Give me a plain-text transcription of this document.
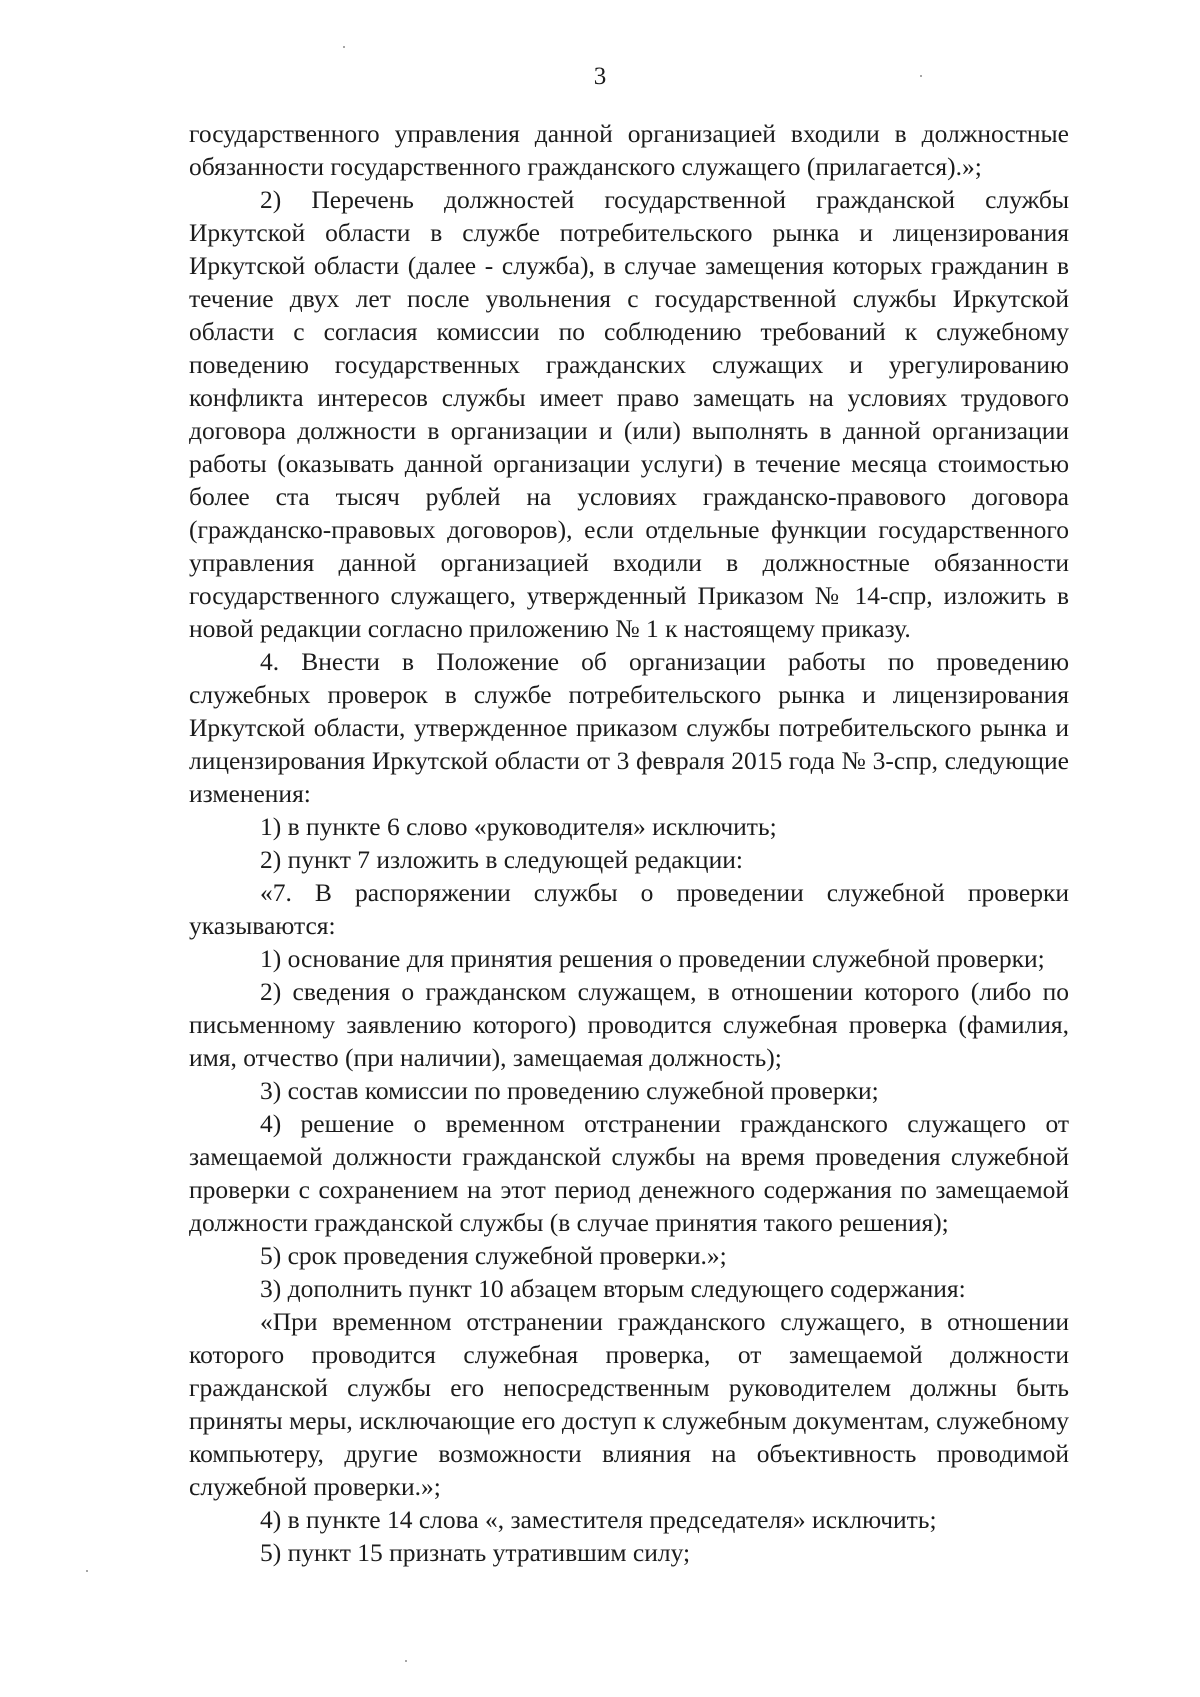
3

государственного управления данной организацией входили в должностные обязанности государственного гражданского служащего (прилагается).»;

2) Перечень должностей государственной гражданской службы Иркутской области в службе потребительского рынка и лицензирования Иркутской области (далее - служба), в случае замещения которых гражданин в течение двух лет после увольнения с государственной службы Иркутской области с согласия комиссии по соблюдению требований к служебному поведению государственных гражданских служащих и урегулированию конфликта интересов службы имеет право замещать на условиях трудового договора должности в организации и (или) выполнять в данной организации работы (оказывать данной организации услуги) в течение месяца стоимостью более ста тысяч рублей на условиях гражданско-правового договора (гражданско-правовых договоров), если отдельные функции государственного управления данной организацией входили в должностные обязанности государственного служащего, утвержденный Приказом № 14-спр, изложить в новой редакции согласно приложению № 1 к настоящему приказу.

4. Внести в Положение об организации работы по проведению служебных проверок в службе потребительского рынка и лицензирования Иркутской области, утвержденное приказом службы потребительского рынка и лицензирования Иркутской области от 3 февраля 2015 года № 3-спр, следующие изменения:

1) в пункте 6 слово «руководителя» исключить;

2) пункт 7 изложить в следующей редакции:

«7. В распоряжении службы о проведении служебной проверки указываются:

1) основание для принятия решения о проведении служебной проверки;

2) сведения о гражданском служащем, в отношении которого (либо по письменному заявлению которого) проводится служебная проверка (фамилия, имя, отчество (при наличии), замещаемая должность);

3) состав комиссии по проведению служебной проверки;

4) решение о временном отстранении гражданского служащего от замещаемой должности гражданской службы на время проведения служебной проверки с сохранением на этот период денежного содержания по замещаемой должности гражданской службы (в случае принятия такого решения);

5) срок проведения служебной проверки.»;

3) дополнить пункт 10 абзацем вторым следующего содержания:

«При временном отстранении гражданского служащего, в отношении которого проводится служебная проверка, от замещаемой должности гражданской службы его непосредственным руководителем должны быть приняты меры, исключающие его доступ к служебным документам, служебному компьютеру, другие возможности влияния на объективность проводимой служебной проверки.»;

4) в пункте 14 слова «, заместителя председателя» исключить;

5) пункт 15 признать утратившим силу;
